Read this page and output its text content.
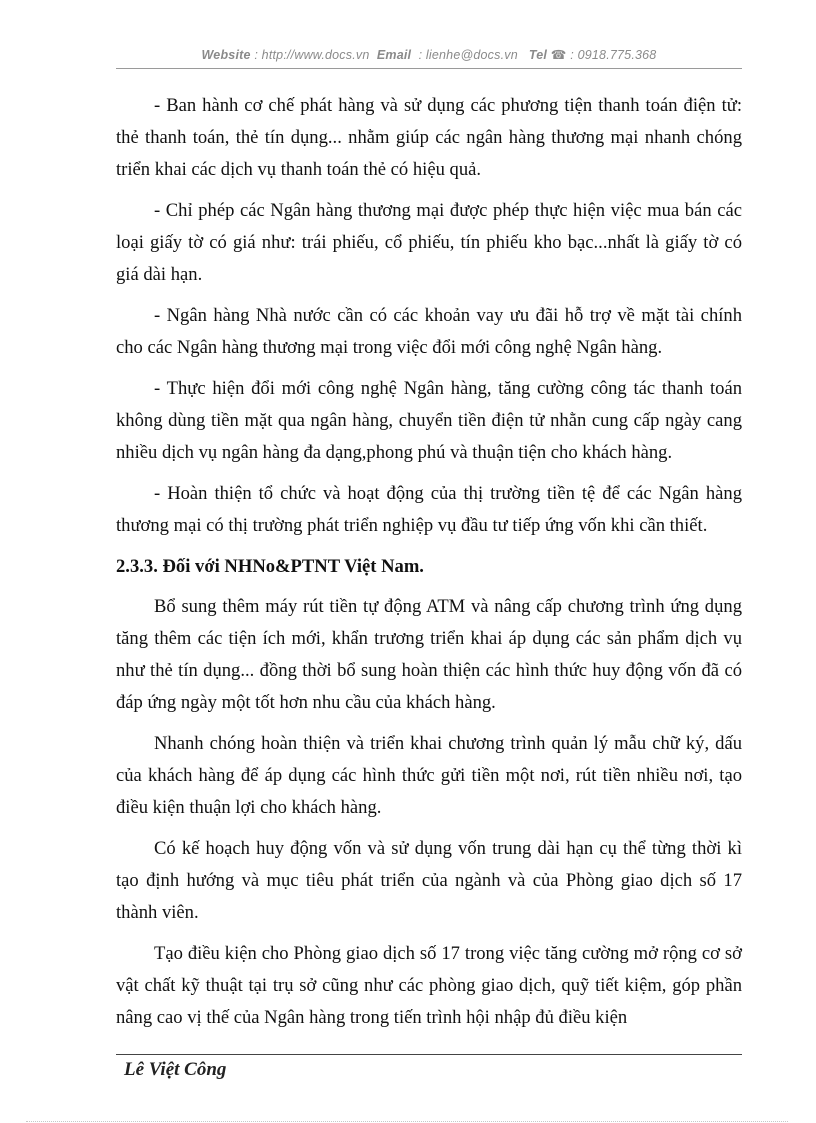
Website : http://www.docs.vn Email : lienhe@docs.vn Tel ☎ : 0918.775.368

- Ban hành cơ chế phát hàng và sử dụng các phương tiện thanh toán điện tử: thẻ thanh toán, thẻ tín dụng... nhằm giúp các ngân hàng thương mại nhanh chóng triển khai các dịch vụ thanh toán thẻ có hiệu quả.

- Chỉ phép các Ngân hàng thương mại được phép thực hiện việc mua bán các loại giấy tờ có giá như: trái phiếu, cổ phiếu, tín phiếu kho bạc...nhất là giấy tờ có giá dài hạn.

- Ngân hàng Nhà nước cần có các khoản vay ưu đãi hỗ trợ về mặt tài chính cho các Ngân hàng thương mại trong việc đổi mới công nghệ Ngân hàng.

- Thực hiện đổi mới công nghệ Ngân hàng, tăng cường công tác thanh toán không dùng tiền mặt qua ngân hàng, chuyển tiền điện tử nhằn cung cấp ngày cang nhiều dịch vụ ngân hàng đa dạng,phong phú và thuận tiện cho khách hàng.

- Hoàn thiện tổ chức và hoạt động của thị trường tiền tệ để các Ngân hàng thương mại có thị trường phát triển nghiệp vụ đầu tư tiếp ứng vốn khi cần thiết.

2.3.3. Đối với NHNo&PTNT Việt Nam.

Bổ sung thêm máy rút tiền tự động ATM và nâng cấp chương trình ứng dụng tăng thêm các tiện ích mới, khẩn trương triển khai áp dụng các sản phẩm dịch vụ như thẻ tín dụng... đồng thời bổ sung hoàn thiện các hình thức huy động vốn đã có đáp ứng ngày một tốt hơn nhu cầu của khách hàng.

Nhanh chóng hoàn thiện và triển khai chương trình quản lý mẫu chữ ký, dấu của khách hàng để áp dụng các hình thức gửi tiền một nơi, rút tiền nhiều nơi, tạo điều kiện thuận lợi cho khách hàng.

Có kế hoạch huy động vốn và sử dụng vốn trung dài hạn cụ thể từng thời kì tạo định hướng và mục tiêu phát triển của ngành và của Phòng giao dịch số 17 thành viên.

Tạo điều kiện cho Phòng giao dịch số 17 trong việc tăng cường mở rộng cơ sở vật chất kỹ thuật tại trụ sở cũng như các phòng giao dịch, quỹ tiết kiệm, góp phần nâng cao vị thế của Ngân hàng trong tiến trình hội nhập đủ điều kiện

Lê Việt Công
